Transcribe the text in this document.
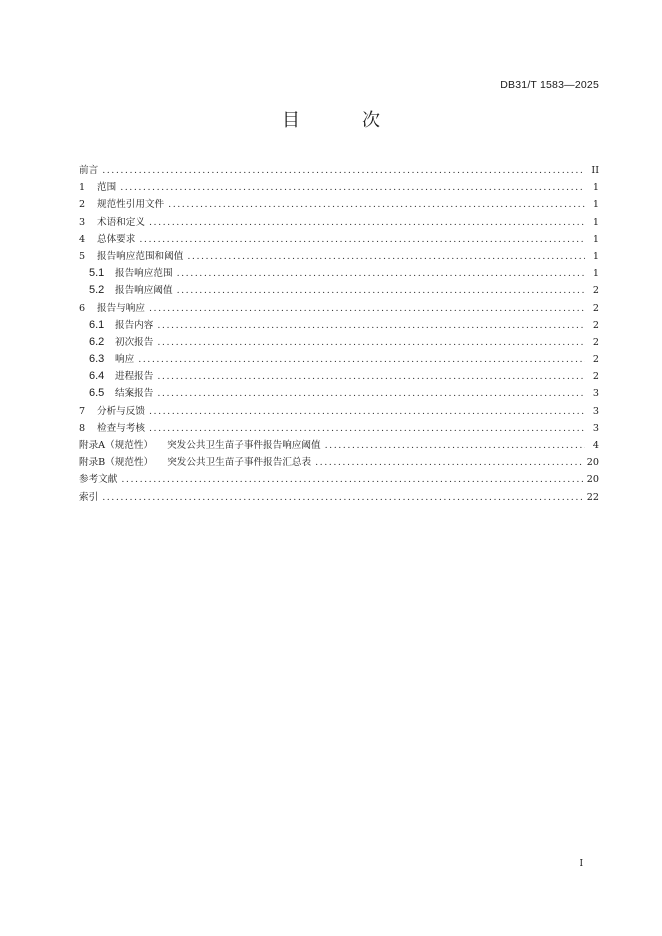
DB31/T 1583—2025
目　次
前言 .....	II
1	范围 .....	1
2	规范性引用文件 .....	1
3	术语和定义 .....	1
4	总体要求 .....	1
5	报告响应范围和阈值 .....	1
5.1 报告响应范围 .....	1
5.2 报告响应阈值 .....	2
6	报告与响应 .....	2
6.1 报告内容 .....	2
6.2 初次报告 .....	2
6.3 响应 .....	2
6.4 进程报告 .....	2
6.5 结案报告 .....	3
7	分析与反馈 .....	3
8	检查与考核 .....	3
附录A（规范性） 突发公共卫生苗子事件报告响应阈值 .....	4
附录B（规范性） 突发公共卫生苗子事件报告汇总表 .....	20
参考文献 .....	20
索引 .....	22
I
